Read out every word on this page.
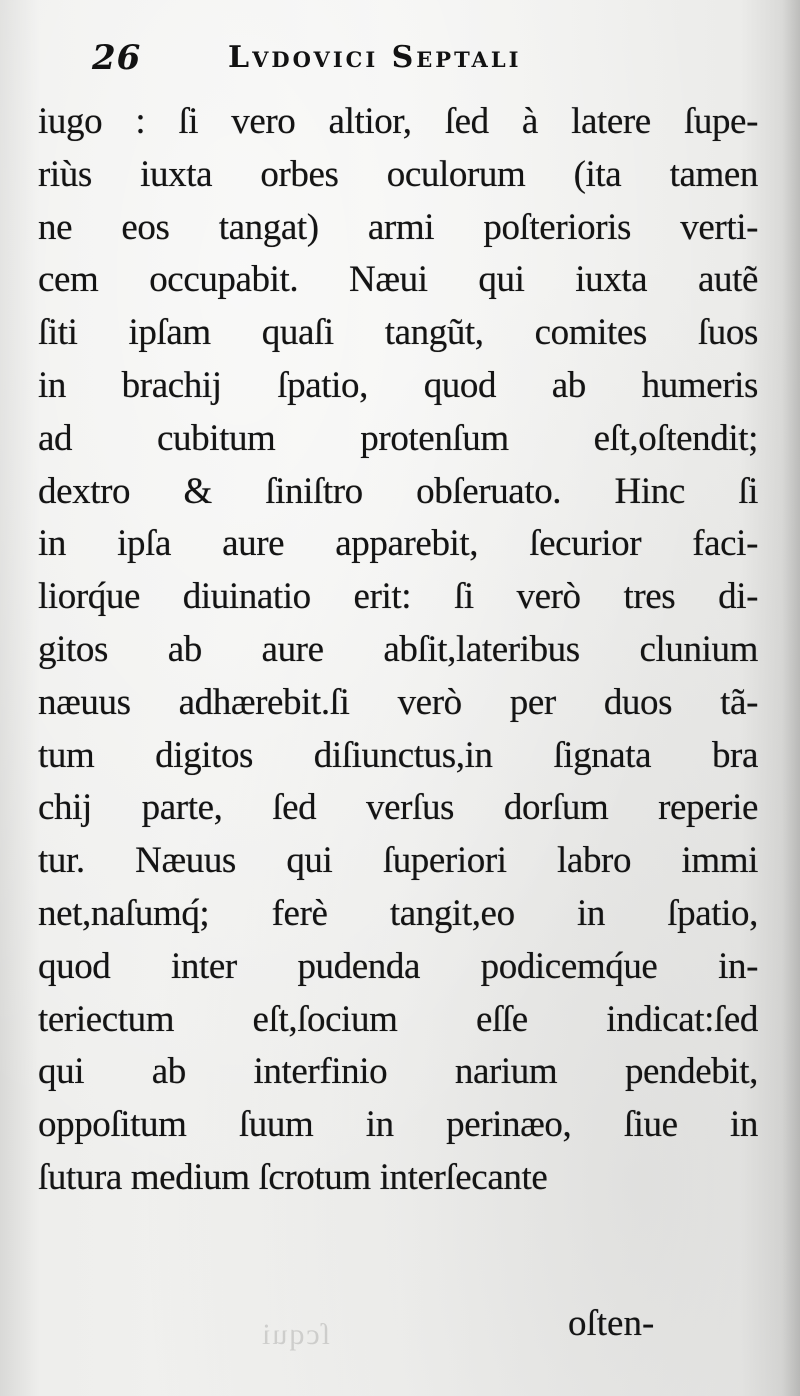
26	Lvdovici Septali
iugo : ſi vero altior, ſed à latere ſupe-
riùs iuxta orbes oculorum (ita tamen
ne eos tangat) armi poſterioris verti-
cem occupabit. Næui qui iuxta autẽ
ſiti ipſam quaſi tangũt, comites ſuos
in brachij ſpatio, quod ab humeris
ad cubitum protenſum eſt,oſtendit;
dextro & ſiniſtro obſeruato. Hinc ſi
in ipſa aure apparebit, ſecurior faci-
liorq́ue diuinatio erit: ſi verò tres di-
gitos ab aure abſit,lateribus clunium
næuus adhærebit.ſi verò per duos tã-
tum digitos diſiunctus,in ſignata bra
chij parte, ſed verſus dorſum reperie
tur. Næuus qui ſuperiori labro immi
net,naſumq́; ferè tangit,eo in ſpatio,
quod inter pudenda podicemq́ue in-
teriectum eſt,ſocium eſſe indicat:ſed
qui ab interfinio narium pendebit,
oppoſitum ſuum in perinæo, ſiue in
ſutura medium ſcrotum interſecante
ſcqui	oſten-
